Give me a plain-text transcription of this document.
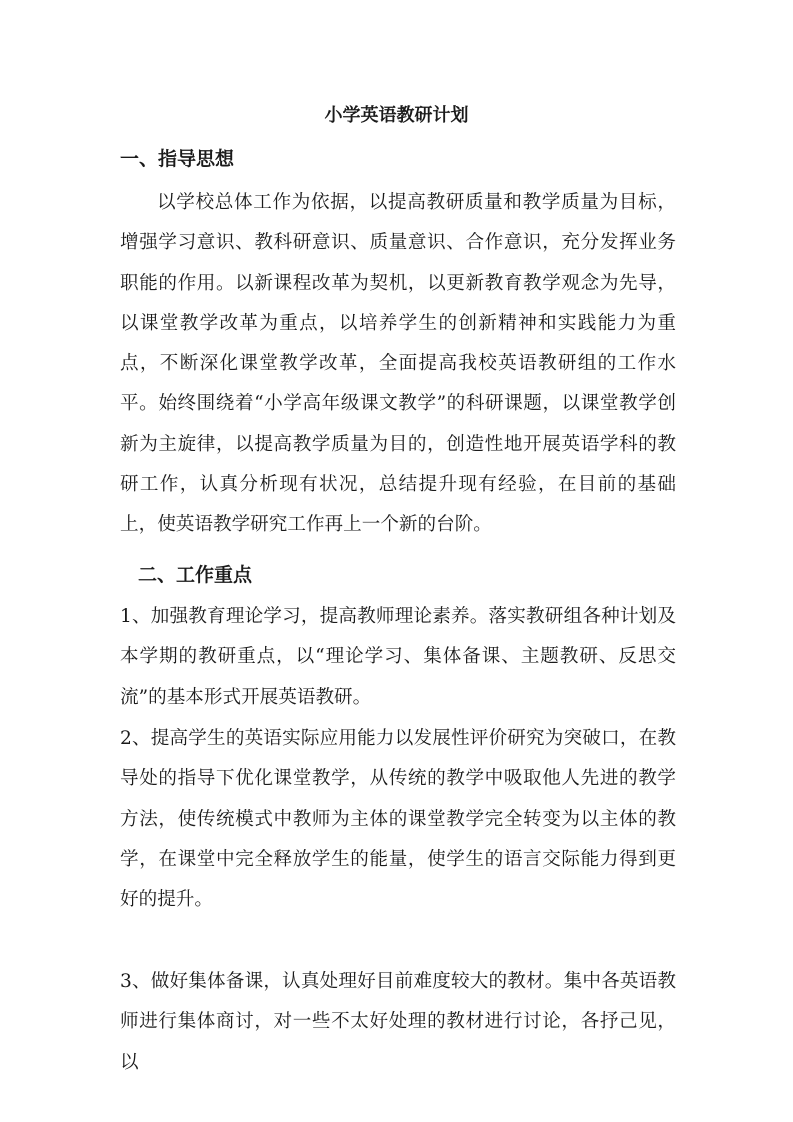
小学英语教研计划
一、指导思想

以学校总体工作为依据，以提高教研质量和教学质量为目标，增强学习意识、教科研意识、质量意识、合作意识，充分发挥业务职能的作用。以新课程改革为契机，以更新教育教学观念为先导，以课堂教学改革为重点，以培养学生的创新精神和实践能力为重点，不断深化课堂教学改革，全面提高我校英语教研组的工作水平。始终围绕着“小学高年级课文教学”的科研课题，以课堂教学创新为主旋律，以提高教学质量为目的，创造性地开展英语学科的教研工作，认真分析现有状况，总结提升现有经验，在目前的基础上，使英语教学研究工作再上一个新的台阶。

二、工作重点

1、加强教育理论学习，提高教师理论素养。落实教研组各种计划及本学期的教研重点，以“理论学习、集体备课、主题教研、反思交流”的基本形式开展英语教研。

2、提高学生的英语实际应用能力以发展性评价研究为突破口，在教导处的指导下优化课堂教学，从传统的教学中吸取他人先进的教学方法，使传统模式中教师为主体的课堂教学完全转变为以主体的教学，在课堂中完全释放学生的能量，使学生的语言交际能力得到更好的提升。

3、做好集体备课，认真处理好目前难度较大的教材。集中各英语教师进行集体商讨，对一些不太好处理的教材进行讨论，各抒己见，以
